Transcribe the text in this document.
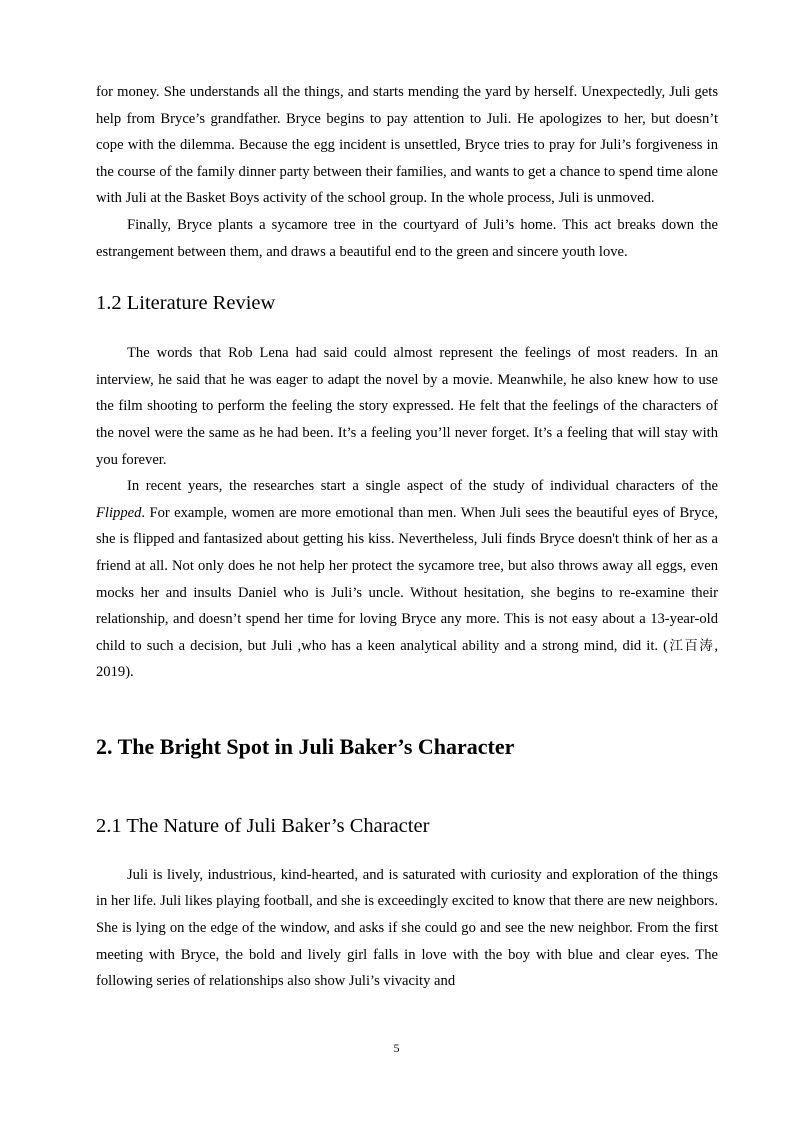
for money. She understands all the things, and starts mending the yard by herself. Unexpectedly, Juli gets help from Bryce’s grandfather. Bryce begins to pay attention to Juli. He apologizes to her, but doesn’t cope with the dilemma. Because the egg incident is unsettled, Bryce tries to pray for Juli’s forgiveness in the course of the family dinner party between their families, and wants to get a chance to spend time alone with Juli at the Basket Boys activity of the school group. In the whole process, Juli is unmoved.

Finally, Bryce plants a sycamore tree in the courtyard of Juli’s home. This act breaks down the estrangement between them, and draws a beautiful end to the green and sincere youth love.

1.2 Literature Review

The words that Rob Lena had said could almost represent the feelings of most readers. In an interview, he said that he was eager to adapt the novel by a movie. Meanwhile, he also knew how to use the film shooting to perform the feeling the story expressed. He felt that the feelings of the characters of the novel were the same as he had been. It’s a feeling you’ll never forget. It’s a feeling that will stay with you forever.

In recent years, the researches start a single aspect of the study of individual characters of the Flipped. For example, women are more emotional than men. When Juli sees the beautiful eyes of Bryce, she is flipped and fantasized about getting his kiss. Nevertheless, Juli finds Bryce doesn't think of her as a friend at all. Not only does he not help her protect the sycamore tree, but also throws away all eggs, even mocks her and insults Daniel who is Juli’s uncle. Without hesitation, she begins to re-examine their relationship, and doesn’t spend her time for loving Bryce any more. This is not easy about a 13-year-old child to such a decision, but Juli ,who has a keen analytical ability and a strong mind, did it. (江百涛, 2019).

2. The Bright Spot in Juli Baker’s Character
2.1 The Nature of Juli Baker’s Character

Juli is lively, industrious, kind-hearted, and is saturated with curiosity and exploration of the things in her life. Juli likes playing football, and she is exceedingly excited to know that there are new neighbors. She is lying on the edge of the window, and asks if she could go and see the new neighbor. From the first meeting with Bryce, the bold and lively girl falls in love with the boy with blue and clear eyes. The following series of relationships also show Juli’s vivacity and

5
